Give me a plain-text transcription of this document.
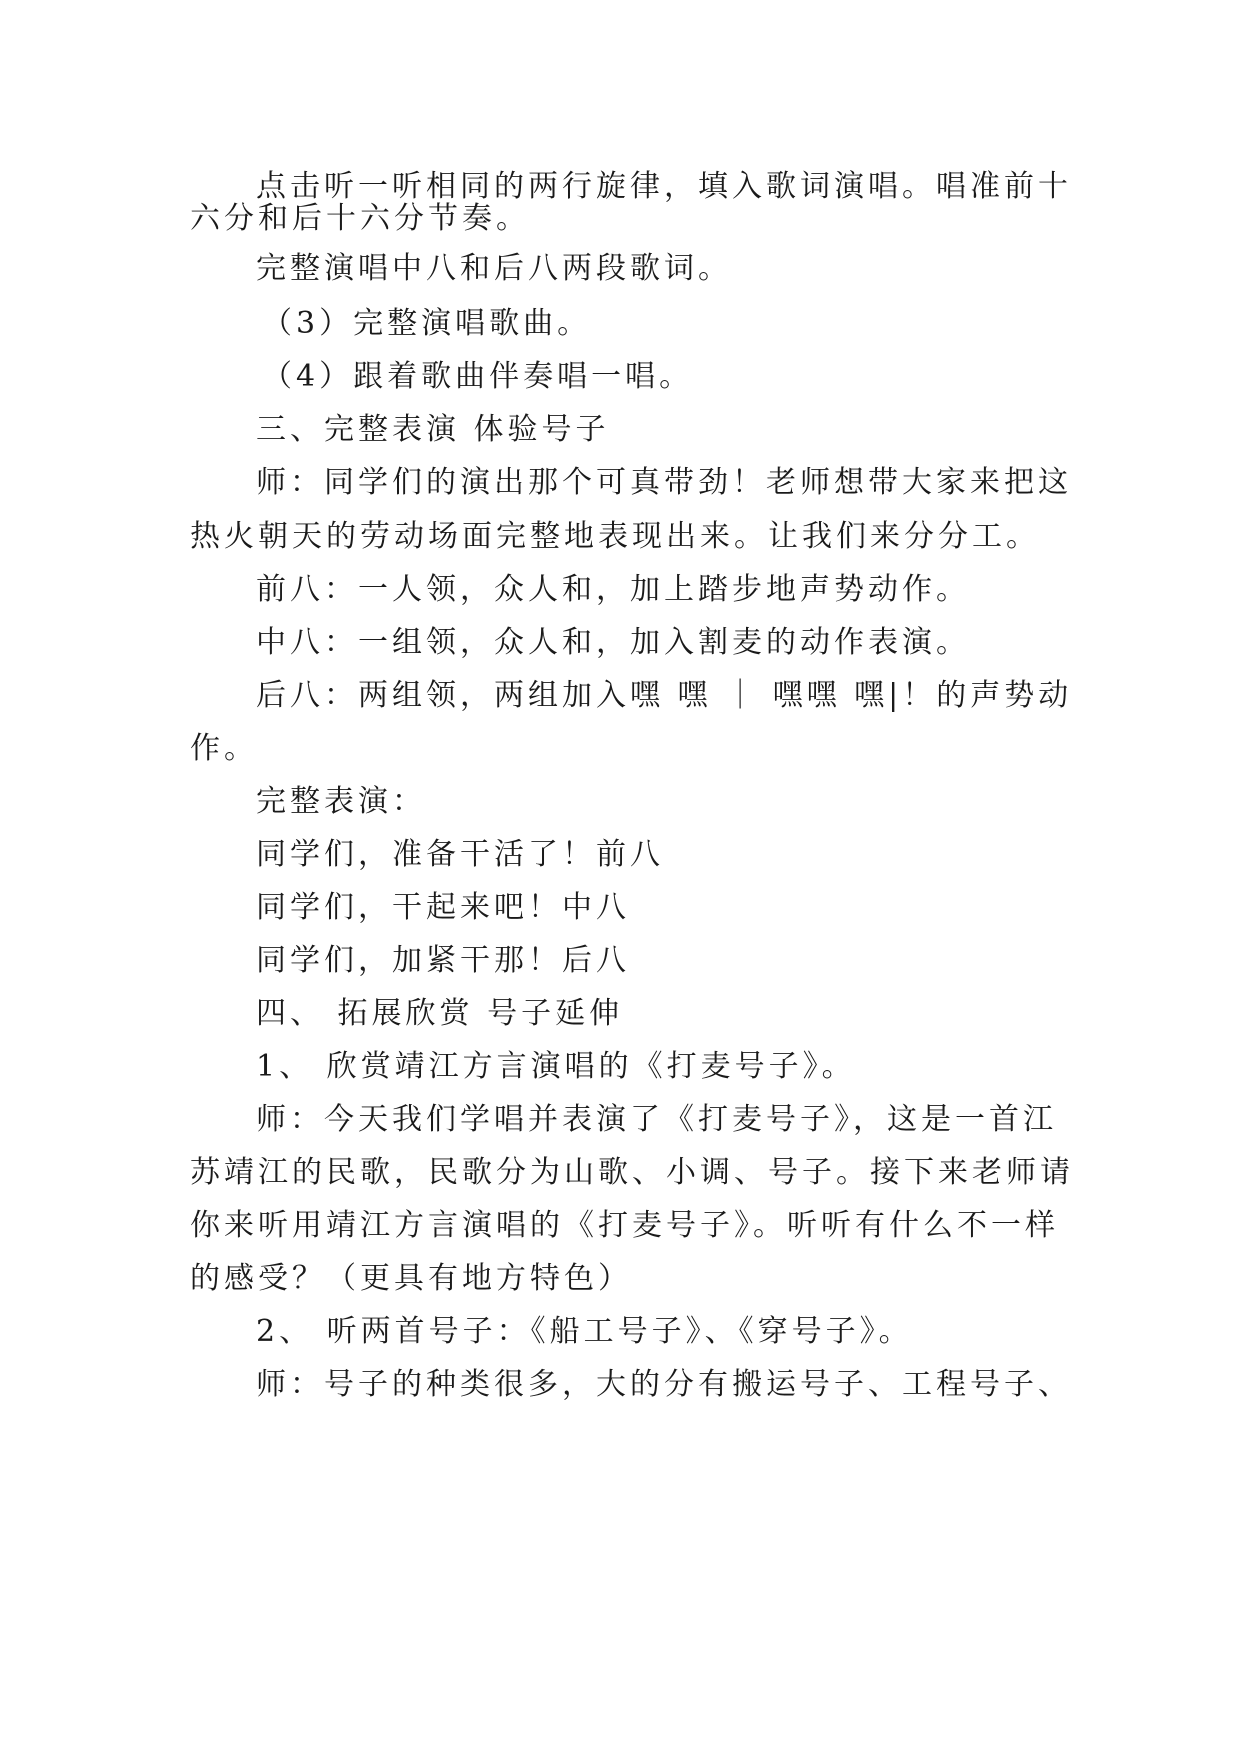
点击听一听相同的两行旋律，填入歌词演唱。唱准前十
六分和后十六分节奏。
完整演唱中八和后八两段歌词。
（3）完整演唱歌曲。
（4）跟着歌曲伴奏唱一唱。
三、完整表演 体验号子
师：同学们的演出那个可真带劲！老师想带大家来把这
热火朝天的劳动场面完整地表现出来。让我们来分分工。
前八：一人领，众人和，加上踏步地声势动作。
中八：一组领，众人和，加入割麦的动作表演。
后八：两组领，两组加入嘿 嘿 ｜ 嘿嘿 嘿|！的声势动
作。
完整表演：
同学们，准备干活了！前八
同学们，干起来吧！中八
同学们，加紧干那！后八
四、 拓展欣赏 号子延伸
1、 欣赏靖江方言演唱的《打麦号子》。
师：今天我们学唱并表演了《打麦号子》，这是一首江
苏靖江的民歌，民歌分为山歌、小调、号子。接下来老师请
你来听用靖江方言演唱的《打麦号子》。听听有什么不一样
的感受？（更具有地方特色）
2、 听两首号子：《船工号子》、《穿号子》。
师：号子的种类很多，大的分有搬运号子、工程号子、
